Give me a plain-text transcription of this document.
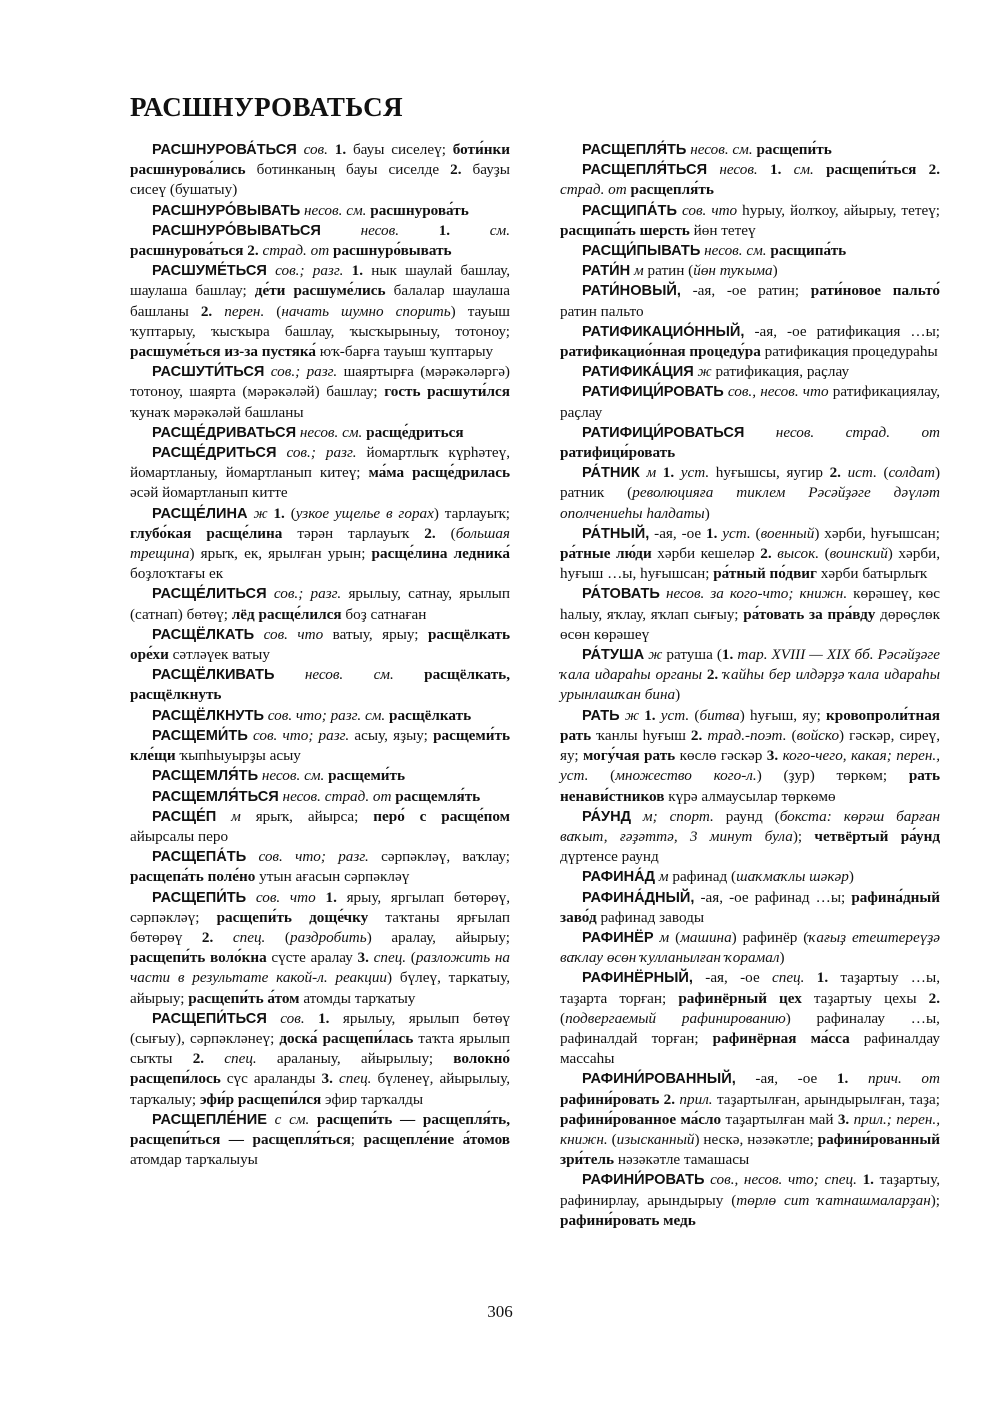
РАСШНУРОВАТЬСЯ

РАСШНУРОВА́ТЬСЯ сов. 1. бауы сиселеү; боти́нки расшнурова́лись ботинканың бауы сиселде 2. бауҙы сисеү (бушатыу)

РАСШНУРО́ВЫВАТЬ несов. см. расшнурова́ть

РАСШНУРО́ВЫВАТЬСЯ	несов.	1.	см. расшнурова́ться 2. страд. от расшнуро́вывать

РАСШУМЕ́ТЬСЯ сов.; разг. 1. нык шаулай башлау, шаулаша башлау; де́ти расшуме́лись балалар шаулаша башланы 2. перен. (начать шумно спорить) тауыш ҡуптарыу, ҡысҡыра башлау, ҡысҡырыныу, тотоноу; расшуме́ться из-за пустяка́ юҡ-барға тауыш ҡуптарыу

РАСШУТИ́ТЬСЯ сов.; разг. шаяртырға (мәрәкәләргә) тотоноу, шаярта (мәрәкәләй) башлау; гость расшути́лся ҡунаҡ мәрәкәләй башланы

РАСЩЕ́ДРИВАТЬСЯ несов. см. расще́дриться

РАСЩЕ́ДРИТЬСЯ сов.; разг. йомартлыҡ күрһәтеү, йомартланыу, йомартланып китеү; ма́ма расще́дрилась әсәй йомартланып китте

РАСЩЕ́ЛИНА ж 1. (узкое ущелье в горах) тарлауыҡ; глубо́кая расще́лина тәрән тарлауыҡ 2. (большая трещина) ярыҡ, ек, ярылған урын; расще́лина ледника́ боҙлоҡтағы ек

РАСЩЕ́ЛИТЬСЯ сов.; разг. ярылыу, сатнау, ярылып (сатнап) бөтөү; лёд расще́лился боҙ сатнаған

РАСЩЁЛКАТЬ сов. что ватыу, ярыу; расщёлкать оре́хи сәтләүек ватыу

РАСЩЁЛКИВАТЬ несов. см. расщёлкать, расщёлкнуть

РАСЩЁЛКНУТЬ сов. что; разг. см. расщёлкать

РАСЩЕМИ́ТЬ сов. что; разг. асыу, яҙыу; расщеми́ть кле́щи ҡыпһыуырҙы асыу

РАСЩЕМЛЯ́ТЬ несов. см. расщеми́ть

РАСЩЕМЛЯ́ТЬСЯ несов. страд. от расщемля́ть

РАСЩЕ́П м ярыҡ, айырса; перо́ с расще́пом айырсалы перо

РАСЩЕПА́ТЬ сов. что; разг. сәрпәкләү, ваҡлау; расщепа́ть поле́но утын ағасын сәрпәкләү

РАСЩЕПИ́ТЬ сов. что 1. ярыу, яргылап бөтөрөү, сәрпәкләү; расщепи́ть доще́чку таҡтаны ярғылап бөтөрөү 2. спец. (раздробить) аралау, айырыу; расщепи́ть воло́кна сүсте аралау 3. спец. (разложить на части в результате какой-л. реакции) бүлеү, таркатыу, айырыу; расщепи́ть а́том атомды тарҡатыу

РАСЩЕПИ́ТЬСЯ сов. 1. ярылыу, ярылып бөтөү (сығыу), сәрпәкләнеү; доска́ расщепи́лась таҡта ярылып сыҡты 2. спец. араланыу, айырылыу; волокно́ расщепи́лось сүс араланды 3. спец. бүленеү, айырылыу, тарҡалыу; эфи́р расщепи́лся эфир тарҡалды

РАСЩЕПЛЕ́НИЕ с см. расщепи́ть — расщепля́ть, расщепи́ться — расщепля́ться; расщепле́ние а́томов атомдар тарҡалыуы

РАСЩЕПЛЯ́ТЬ несов. см. расщепи́ть

РАСЩЕПЛЯ́ТЬСЯ несов. 1. см. расщепи́ться 2. страд. от расщепля́ть

РАСЩИПА́ТЬ сов. что һурыу, йолҡоу, айырыу, тетеү; расщипа́ть шерсть йөн тетеү

РАСЩИ́ПЫВАТЬ несов. см. расщипа́ть

РАТИ́Н м ратин (йөн туҡыма)

РАТИ́НОВЫЙ, -ая, -ое ратин; рати́новое пальто́ ратин пальто

РАТИФИКАЦИО́ННЫЙ, -ая, -ое ратификация …ы; ратификацио́нная процеду́ра ратификация процедураһы

РАТИФИКА́ЦИЯ ж ратификация, раҫлау

РАТИФИЦИ́РОВАТЬ сов., несов. что ратификациялау, раҫлау

РАТИФИЦИ́РОВАТЬСЯ несов. страд. от ратифици́ровать

РА́ТНИК м 1. уст. һуғышсы, яугир 2. ист. (солдат) ратник (революцияға тиклем Рәсәйҙәге дәүләт ополчениеһы һалдаты)

РА́ТНЫЙ, -ая, -ое 1. уст. (военный) хәрби, һуғышсан; ра́тные лю́ди хәрби кешеләр 2. высок. (воинский) хәрби, һуғыш …ы, һуғышсан; ра́тный по́двиг хәрби батырлыҡ

РА́ТОВАТЬ несов. за кого-что; книжн. көрәшеү, көс һалыу, яҡлау, яҡлап сығыу; ра́товать за пра́вду дөрөҫлөк өсөн көрәшеү

РА́ТУША ж ратуша (1. тар. XVIII — XIX бб. Рәсәйҙәге ҡала идараһы органы 2. ҡайһы бер илдәрҙә ҡала идараһы урынлашҡан бина)

РАТЬ ж 1. уст. (битва) һуғыш, яу; кровопроли́тная рать ҡанлы һуғыш 2. трад.-поэт. (войско) гәскәр, сиреү, яу; могу́чая рать көслө гәскәр 3. кого-чего, какая; перен., уст. (множество кого-л.) (ҙур) төркөм; рать ненави́стников күрә алмаусылар төркөмө

РА́УНД м; спорт. раунд (бокста: көрәш барған ваҡыт, ғәҙәттә, 3 минут була); четвёртый ра́унд дүртенсе раунд

РАФИНА́Д м рафинад (шаҡмаҡлы шәкәр)

РАФИНА́ДНЫЙ, -ая, -ое рафинад …ы; рафина́дный заво́д рафинад заводы

РАФИНЁР м (машина) рафинёр (ҡағыҙ етештереүҙә ваҡлау өсөн ҡулланылған ҡорамал)

РАФИНЁРНЫЙ, -ая, -ое спец. 1. таҙартыу …ы, таҙарта торған; рафинёрный цех таҙартыу цехы 2. (подвергаемый рафинированию) рафиналау …ы, рафиналдай торған; рафинёрная ма́сса рафиналдау массаһы

РАФИНИ́РОВАННЫЙ, -ая, -ое 1. прич. от рафини́ровать 2. прил. таҙартылған, арындырылған, таҙа; рафини́рованное ма́сло таҙартылған май 3. прил.; перен., книжн. (изысканный) нескә, нәзәкәтле; рафини́рованный зри́тель нәзәкәтле тамашасы

РАФИНИ́РОВАТЬ сов., несов. что; спец. 1. таҙартыу, рафинирлау, арындырыу (төрлө сит ҡатнашмаларҙан); рафини́ровать медь

306
